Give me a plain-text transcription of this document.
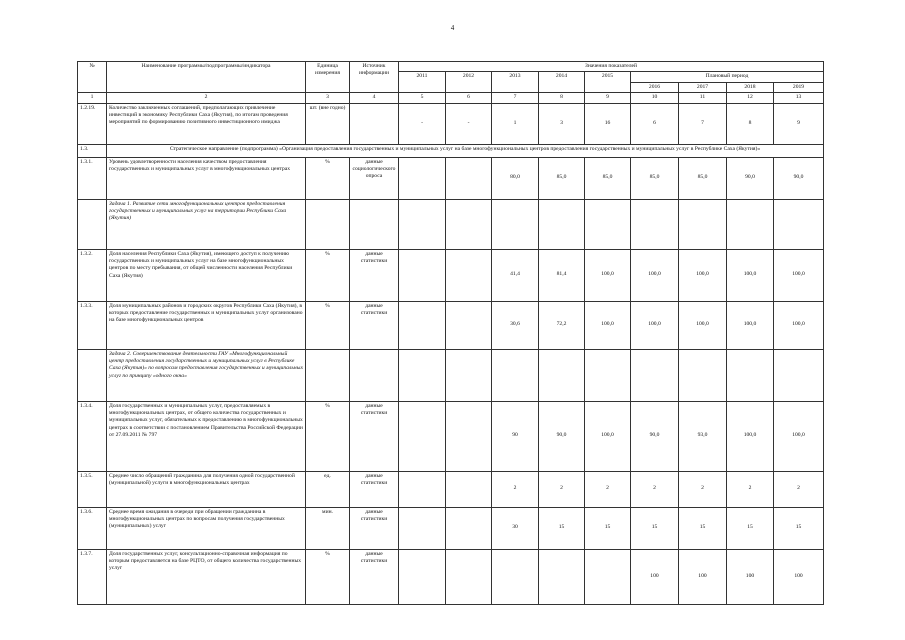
4
№	Наименование программы/подпрограммы/индикатора	Единица измерения	Источник информации	Значения показателей								
				2011	2012	2013	2014	2015	Плановый период			
									2016	2017	2018	2019
1	2	3	4	5	6	7	8	9	10	11	12	13
1.2.19.	Количество заключенных соглашений, предполагающих привлечение инвестиций в экономику Республики Саха (Якутия), по итогам проведения мероприятий по формированию позитивного инвестиционного имиджа	шт. (вне годно)		-	-	1	3	16	6	7	8	9
1.3.	Стратегическое направление (подпрограмма) «Организация предоставления государственных и муниципальных услуг на базе многофункциональных центров предоставления государственных и муниципальных услуг в Республике Саха (Якутия)»											
1.3.1.	Уровень удовлетворенности населения качеством предоставления государственных и муниципальных услуг в многофункциональных центрах	%	данные социологического опроса			80,0	85,0	85,0	85,0	85,0	90,0	90,0
	Задача 1. Развитие сети многофункциональных центров предоставления государственных и муниципальных услуг на территории Республики Саха (Якутия)											
1.3.2.	Доля населения Республики Саха (Якутия), имеющего доступ к получению государственных и муниципальных услуг на базе многофункциональных центров по месту пребывания, от общей численности населения Республики Саха (Якутия)	%	данные статистики			41,4	81,4	100,0	100,0	100,0	100,0	100,0
1.3.3.	Доля муниципальных районов и городских округов Республики Саха (Якутия), в которых предоставление государственных и муниципальных услуг организовано на базе многофункциональных центров	%	данные статистики			30,6	72,2	100,0	100,0	100,0	100,0	100,0
	Задача 2. Совершенствование деятельности ГАУ «Многофункциональный центр предоставления государственных и муниципальных услуг в Республике Саха (Якутия)» по вопросам предоставления государственных и муниципальных услуг по принципу «одного окна»											
1.3.4.	Доля государственных и муниципальных услуг, предоставляемых в многофункциональных центрах, от общего количества государственных и муниципальных услуг, обязательных к предоставлению в многофункциональных центрах в соответствии с постановлением Правительства Российской Федерации от 27.09.2011 № 797	%	данные статистики			90	90,0	100,0	90,0	93,0	100,0	100,0
1.3.5.	Среднее число обращений гражданина для получения одной государственной (муниципальной) услуги в многофункциональных центрах	ед.	данные статистики			2	2	2	2	2	2	2
1.3.6.	Среднее время ожидания в очереди при обращении гражданина в многофункциональных центрах по вопросам получения государственных (муниципальных) услуг	мин.	данные статистики			30	15	15	15	15	15	15
1.3.7.	Доля государственных услуг, консультационно-справочная информация по которым предоставляется на базе РЦТО, от общего количества государственных услуг	%	данные статистики						100	100	100	100
